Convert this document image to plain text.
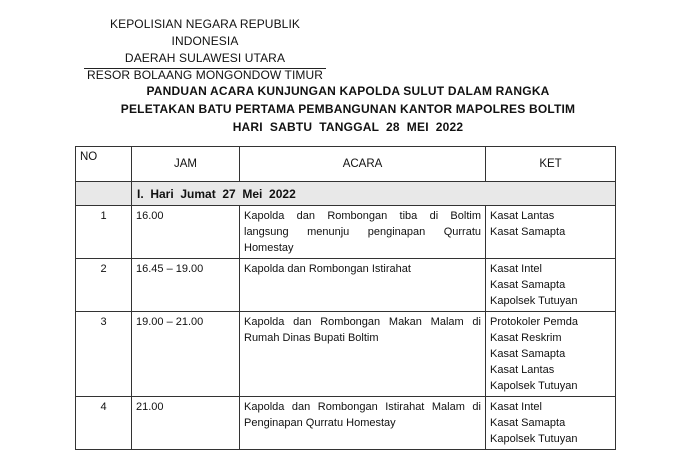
KEPOLISIAN NEGARA REPUBLIK INDONESIA
DAERAH SULAWESI UTARA
RESOR BOLAANG MONGONDOW TIMUR
PANDUAN ACARA KUNJUNGAN KAPOLDA SULUT DALAM RANGKA
PELETAKAN BATU PERTAMA PEMBANGUNAN KANTOR MAPOLRES BOLTIM
HARI  SABTU  TANGGAL  28  MEI  2022
NO	JAM	ACARA	KET
	I.  Hari  Jumat  27  Mei  2022		
1	16.00	Kapolda dan Rombongan tiba di Boltim langsung menunju penginapan Qurratu Homestay	Kasat Lantas
Kasat Samapta

2	16.45 – 19.00	Kapolda dan Rombongan Istirahat	Kasat Intel
Kasat Samapta
Kapolsek Tutuyan

3	19.00 – 21.00	Kapolda dan Rombongan Makan Malam di Rumah Dinas Bupati Boltim	Protokoler Pemda
Kasat Reskrim
Kasat Samapta
Kasat Lantas
Kapolsek Tutuyan

4	21.00	Kapolda dan Rombongan Istirahat Malam di Penginapan Qurratu Homestay	Kasat Intel
Kasat Samapta
Kapolsek Tutuyan
